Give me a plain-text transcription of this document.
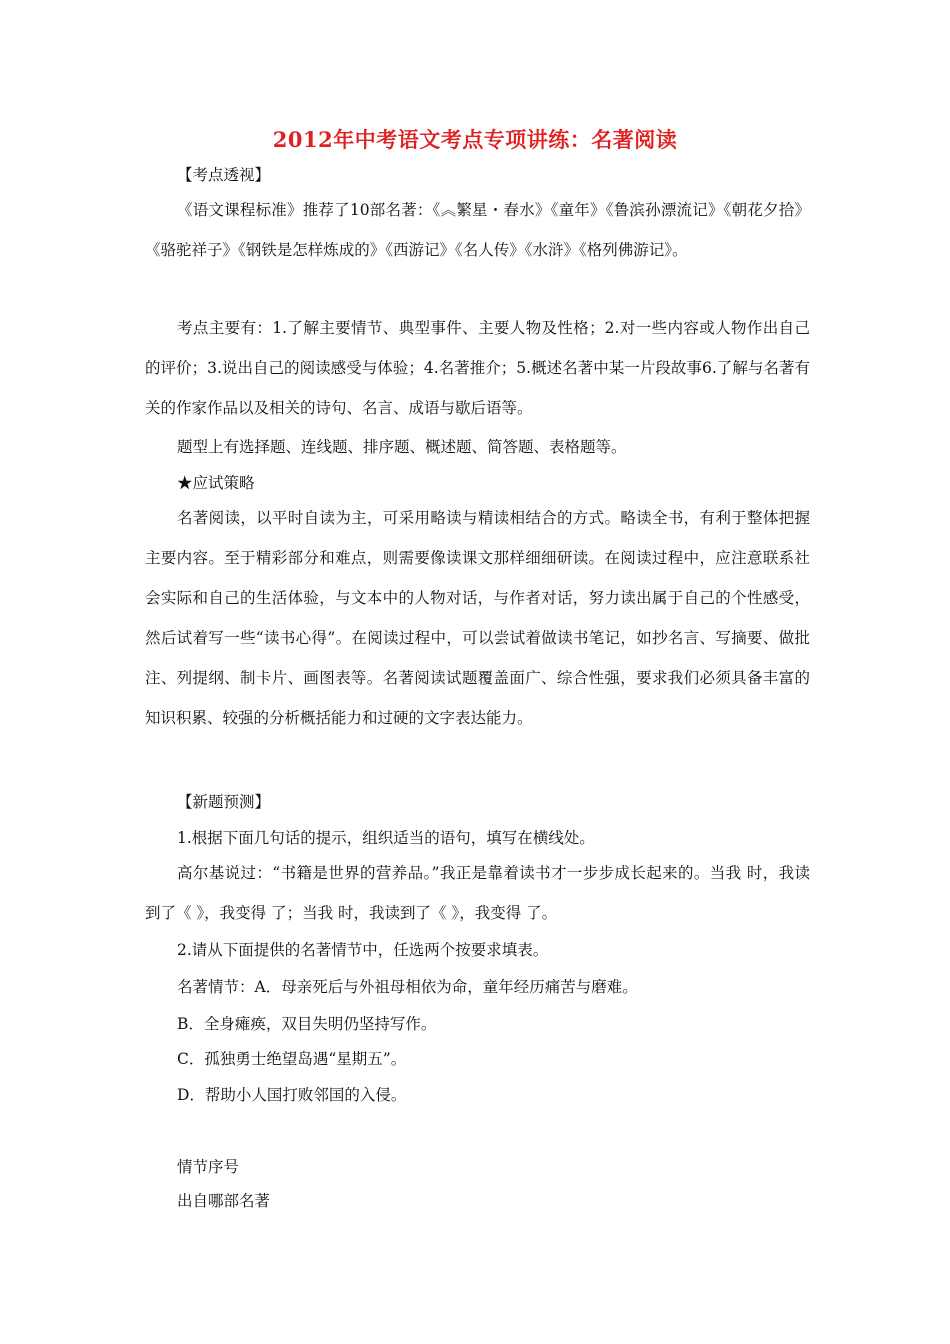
2012年中考语文考点专项讲练：名著阅读
【考点透视】
《语文课程标准》推荐了10部名著：《︽繁星・春水》《童年》《鲁滨孙漂流记》《朝花夕拾》《骆驼祥子》《钢铁是怎样炼成的》《西游记》《名人传》《水浒》《格列佛游记》。
考点主要有：1.了解主要情节、典型事件、主要人物及性格；2.对一些内容或人物作出自己的评价；3.说出自己的阅读感受与体验；4.名著推介；5.概述名著中某一片段故事6.了解与名著有关的作家作品以及相关的诗句、名言、成语与歇后语等。
题型上有选择题、连线题、排序题、概述题、简答题、表格题等。
★应试策略
名著阅读，以平时自读为主，可采用略读与精读相结合的方式。略读全书，有利于整体把握主要内容。至于精彩部分和难点，则需要像读课文那样细细研读。在阅读过程中，应注意联系社会实际和自己的生活体验，与文本中的人物对话，与作者对话，努力读出属于自己的个性感受，然后试着写一些“读书心得”。在阅读过程中，可以尝试着做读书笔记，如抄名言、写摘要、做批注、列提纲、制卡片、画图表等。名著阅读试题覆盖面广、综合性强，要求我们必须具备丰富的知识积累、较强的分析概括能力和过硬的文字表达能力。
【新题预测】
1.根据下面几句话的提示，组织适当的语句，填写在横线处。
高尔基说过：“书籍是世界的营养品。”我正是靠着读书才一步步成长起来的。当我 时，我读到了《 》，我变得 了；当我 时，我读到了《 》，我变得 了。
2.请从下面提供的名著情节中，任选两个按要求填表。
名著情节：A．母亲死后与外祖母相依为命，童年经历痛苦与磨难。
B．全身瘫痪，双目失明仍坚持写作。
C．孤独勇士绝望岛遇“星期五”。
D．帮助小人国打败邻国的入侵。
情节序号
出自哪部名著
